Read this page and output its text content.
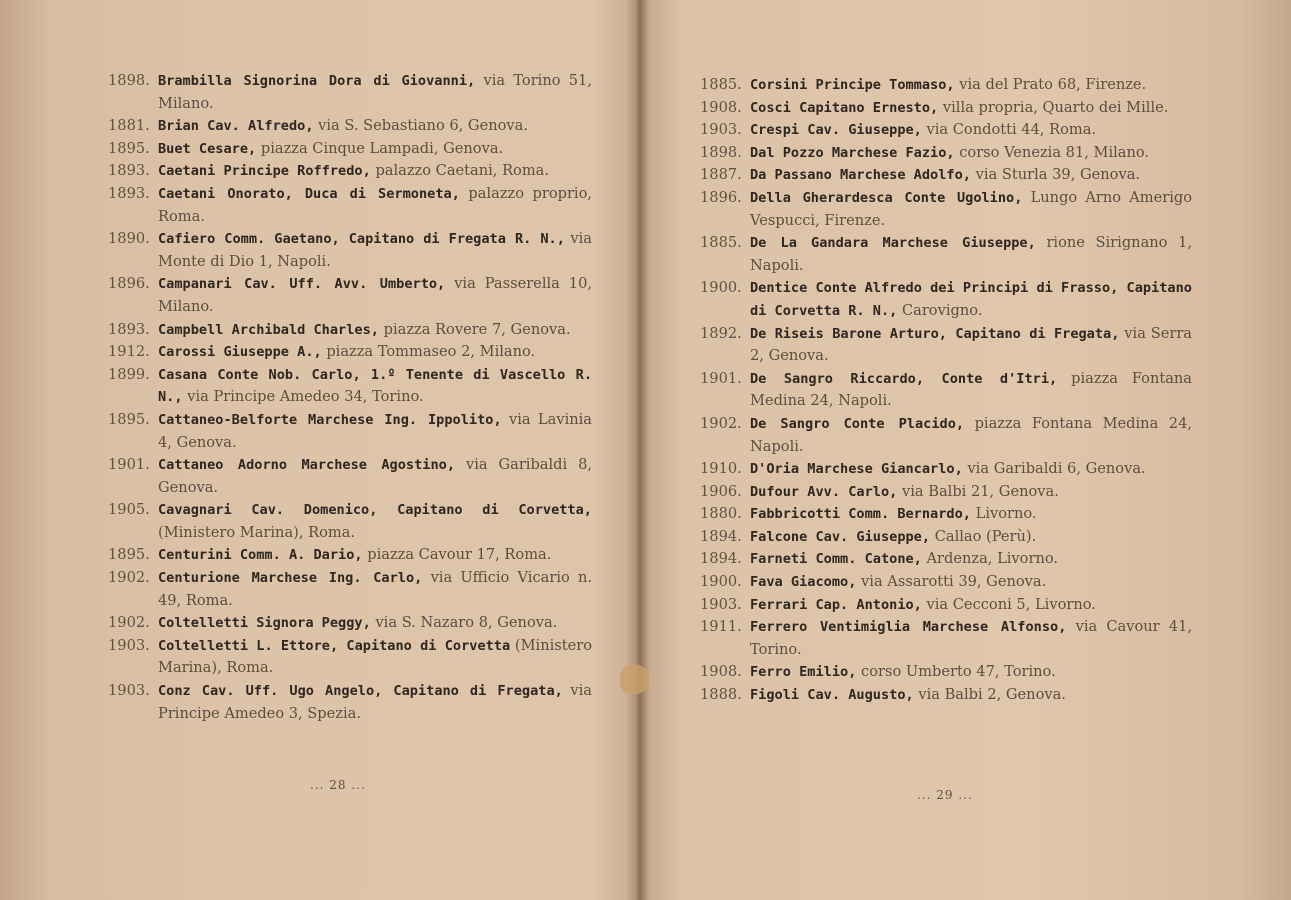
1898. Brambilla Signorina Dora di Giovanni, via Torino 51, Milano.
1881. Brian Cav. Alfredo, via S. Sebastiano 6, Genova.
1895. Buet Cesare, piazza Cinque Lampadi, Genova.
1893. Caetani Principe Roffredo, palazzo Caetani, Roma.
1893. Caetani Onorato, Duca di Sermoneta, palazzo proprio, Roma.
1890. Cafiero Comm. Gaetano, Capitano di Fregata R. N., via Monte di Dio 1, Napoli.
1896. Campanari Cav. Uff. Avv. Umberto, via Passerella 10, Milano.
1893. Campbell Archibald Charles, piazza Rovere 7, Genova.
1912. Carossi Giuseppe A., piazza Tommaseo 2, Milano.
1899. Casana Conte Nob. Carlo, 1.º Tenente di Vascello R. N., via Principe Amedeo 34, Torino.
1895. Cattaneo-Belforte Marchese Ing. Ippolito, via Lavinia 4, Genova.
1901. Cattaneo Adorno Marchese Agostino, via Garibaldi 8, Genova.
1905. Cavagnari Cav. Domenico, Capitano di Corvetta, (Ministero Marina), Roma.
1895. Centurini Comm. A. Dario, piazza Cavour 17, Roma.
1902. Centurione Marchese Ing. Carlo, via Ufficio Vicario n. 49, Roma.
1902. Coltelletti Signora Peggy, via S. Nazaro 8, Genova.
1903. Coltelletti L. Ettore, Capitano di Corvetta (Ministero Marina), Roma.
1903. Conz Cav. Uff. Ugo Angelo, Capitano di Fregata, via Principe Amedeo 3, Spezia.
... 28 ...
1885. Corsini Principe Tommaso, via del Prato 68, Firenze.
1908. Cosci Capitano Ernesto, villa propria, Quarto dei Mille.
1903. Crespi Cav. Giuseppe, via Condotti 44, Roma.
1898. Dal Pozzo Marchese Fazio, corso Venezia 81, Milano.
1887. Da Passano Marchese Adolfo, via Sturla 39, Genova.
1896. Della Gherardesca Conte Ugolino, Lungo Arno Amerigo Vespucci, Firenze.
1885. De La Gandara Marchese Giuseppe, rione Sirignano 1, Napoli.
1900. Dentice Conte Alfredo dei Principi di Frasso, Capitano di Corvetta R. N., Carovigno.
1892. De Riseis Barone Arturo, Capitano di Fregata, via Serra 2, Genova.
1901. De Sangro Riccardo, Conte d'Itri, piazza Fontana Medina 24, Napoli.
1902. De Sangro Conte Placido, piazza Fontana Medina 24, Napoli.
1910. D'Oria Marchese Giancarlo, via Garibaldi 6, Genova.
1906. Dufour Avv. Carlo, via Balbi 21, Genova.
1880. Fabbricotti Comm. Bernardo, Livorno.
1894. Falcone Cav. Giuseppe, Callao (Perù).
1894. Farneti Comm. Catone, Ardenza, Livorno.
1900. Fava Giacomo, via Assarotti 39, Genova.
1903. Ferrari Cap. Antonio, via Cecconi 5, Livorno.
1911. Ferrero Ventimiglia Marchese Alfonso, via Cavour 41, Torino.
1908. Ferro Emilio, corso Umberto 47, Torino.
1888. Figoli Cav. Augusto, via Balbi 2, Genova.
... 29 ...
